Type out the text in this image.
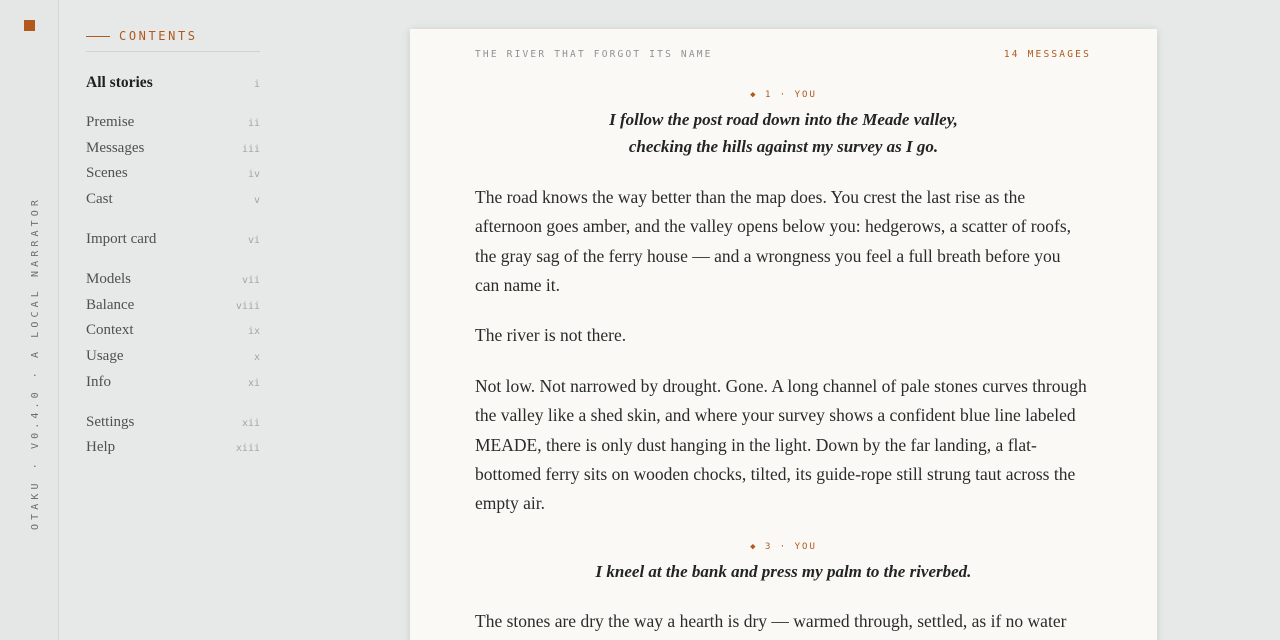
OTAKU · V0.4.0 · A LOCAL NARRATOR
CONTENTS
All stories	i
Premise	ii
Messages	iii
Scenes	iv
Cast	v
Import card	vi
Models	vii
Balance	viii
Context	ix
Usage	x
Info	xi
Settings	xii
Help	xiii
THE RIVER THAT FORGOT ITS NAME	14 MESSAGES
◆ 1 · YOU
I follow the post road down into the Meade valley,
checking the hills against my survey as I go.

The road knows the way better than the map does. You crest the last rise as the afternoon goes amber, and the valley opens below you: hedgerows, a scatter of roofs, the gray sag of the ferry house — and a wrongness you feel a full breath before you can name it.

The river is not there.

Not low. Not narrowed by drought. Gone. A long channel of pale stones curves through the valley like a shed skin, and where your survey shows a confident blue line labeled MEADE, there is only dust hanging in the light. Down by the far landing, a flat-bottomed ferry sits on wooden chocks, tilted, its guide-rope still strung taut across the empty air.

◆ 3 · YOU
I kneel at the bank and press my palm to the riverbed.

The stones are dry the way a hearth is dry — warmed through, settled, as if no water
